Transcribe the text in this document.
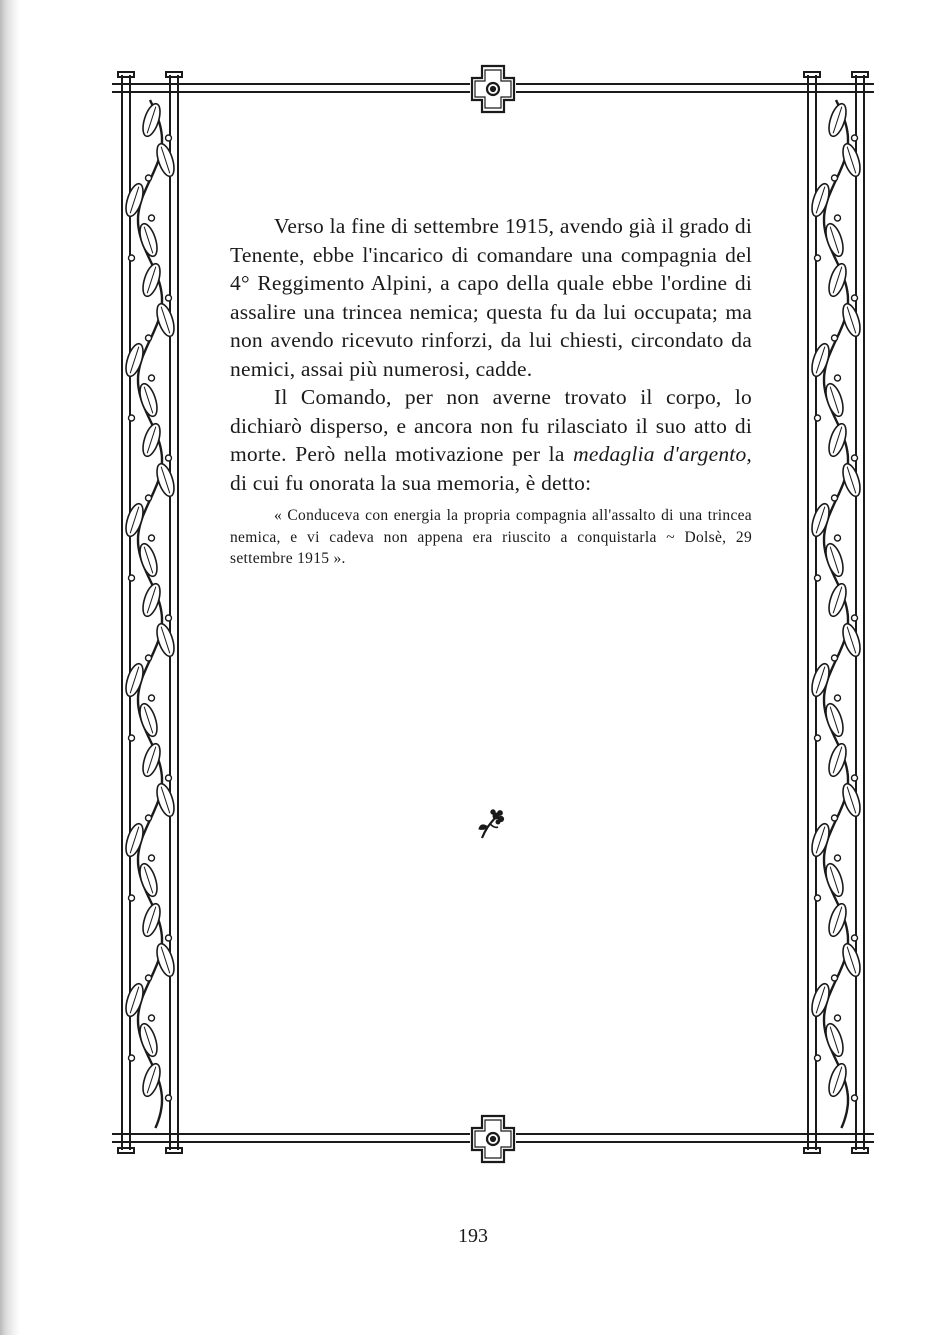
Verso la fine di settembre 1915, avendo già il grado di Tenente, ebbe l'incarico di comandare una compagnia del 4° Reggimento Alpini, a capo della quale ebbe l'ordine di assalire una trincea nemica; questa fu da lui occupata; ma non avendo ricevuto rinforzi, da lui chiesti, circondato da nemici, assai più numerosi, cadde.

Il Comando, per non averne trovato il corpo, lo dichiarò disperso, e ancora non fu rilasciato il suo atto di morte. Però nella motivazione per la medaglia d'argento, di cui fu onorata la sua memoria, è detto:

« Conduceva con energia la propria compagnia all'assalto di una trincea nemica, e vi cadeva non appena era riuscito a conquistarla ~ Dolsè, 29 settembre 1915 ».

193
